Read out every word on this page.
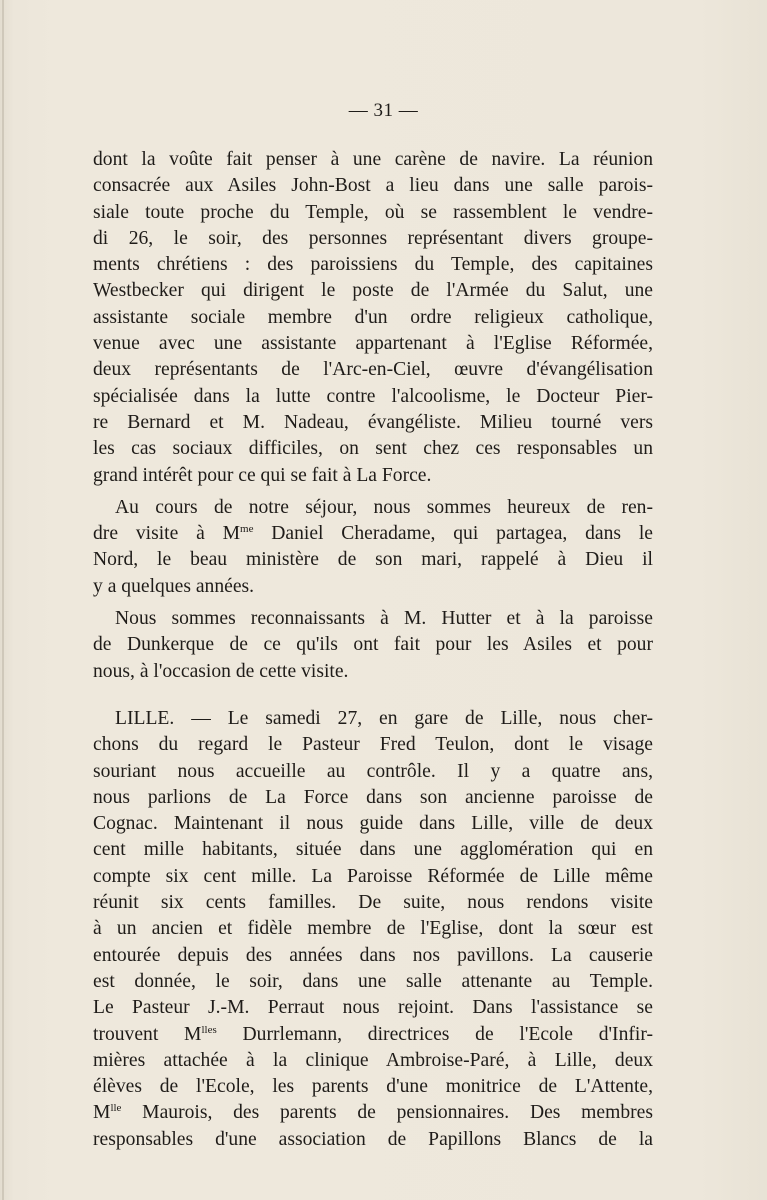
— 31 —
dont la voûte fait penser à une carène de navire. La réunion
consacrée aux Asiles John-Bost a lieu dans une salle parois-
siale toute proche du Temple, où se rassemblent le vendre-
di 26, le soir, des personnes représentant divers groupe-
ments chrétiens : des paroissiens du Temple, des capitaines
Westbecker qui dirigent le poste de l'Armée du Salut, une
assistante sociale membre d'un ordre religieux catholique,
venue avec une assistante appartenant à l'Eglise Réformée,
deux représentants de l'Arc-en-Ciel, œuvre d'évangélisation
spécialisée dans la lutte contre l'alcoolisme, le Docteur Pier-
re Bernard et M. Nadeau, évangéliste. Milieu tourné vers
les cas sociaux difficiles, on sent chez ces responsables un
grand intérêt pour ce qui se fait à La Force.
Au cours de notre séjour, nous sommes heureux de ren-
dre visite à $M^{me}$ Daniel Cheradame, qui partagea, dans le
Nord, le beau ministère de son mari, rappelé à Dieu il
y a quelques années.
Nous sommes reconnaissants à M. Hutter et à la paroisse
de Dunkerque de ce qu'ils ont fait pour les Asiles et pour
nous, à l'occasion de cette visite.
LILLE. — Le samedi 27, en gare de Lille, nous cher-
chons du regard le Pasteur Fred Teulon, dont le visage
souriant nous accueille au contrôle. Il y a quatre ans,
nous parlions de La Force dans son ancienne paroisse de
Cognac. Maintenant il nous guide dans Lille, ville de deux
cent mille habitants, située dans une agglomération qui en
compte six cent mille. La Paroisse Réformée de Lille même
réunit six cents familles. De suite, nous rendons visite
à un ancien et fidèle membre de l'Eglise, dont la sœur est
entourée depuis des années dans nos pavillons. La causerie
est donnée, le soir, dans une salle attenante au Temple.
Le Pasteur J.-M. Perraut nous rejoint. Dans l'assistance se
trouvent $M^{lles}$ Durrlemann, directrices de l'Ecole d'Infir-
mières attachée à la clinique Ambroise-Paré, à Lille, deux
élèves de l'Ecole, les parents d'une monitrice de L'Attente,
$M^{lle}$ Maurois, des parents de pensionnaires. Des membres
responsables d'une association de Papillons Blancs de la
